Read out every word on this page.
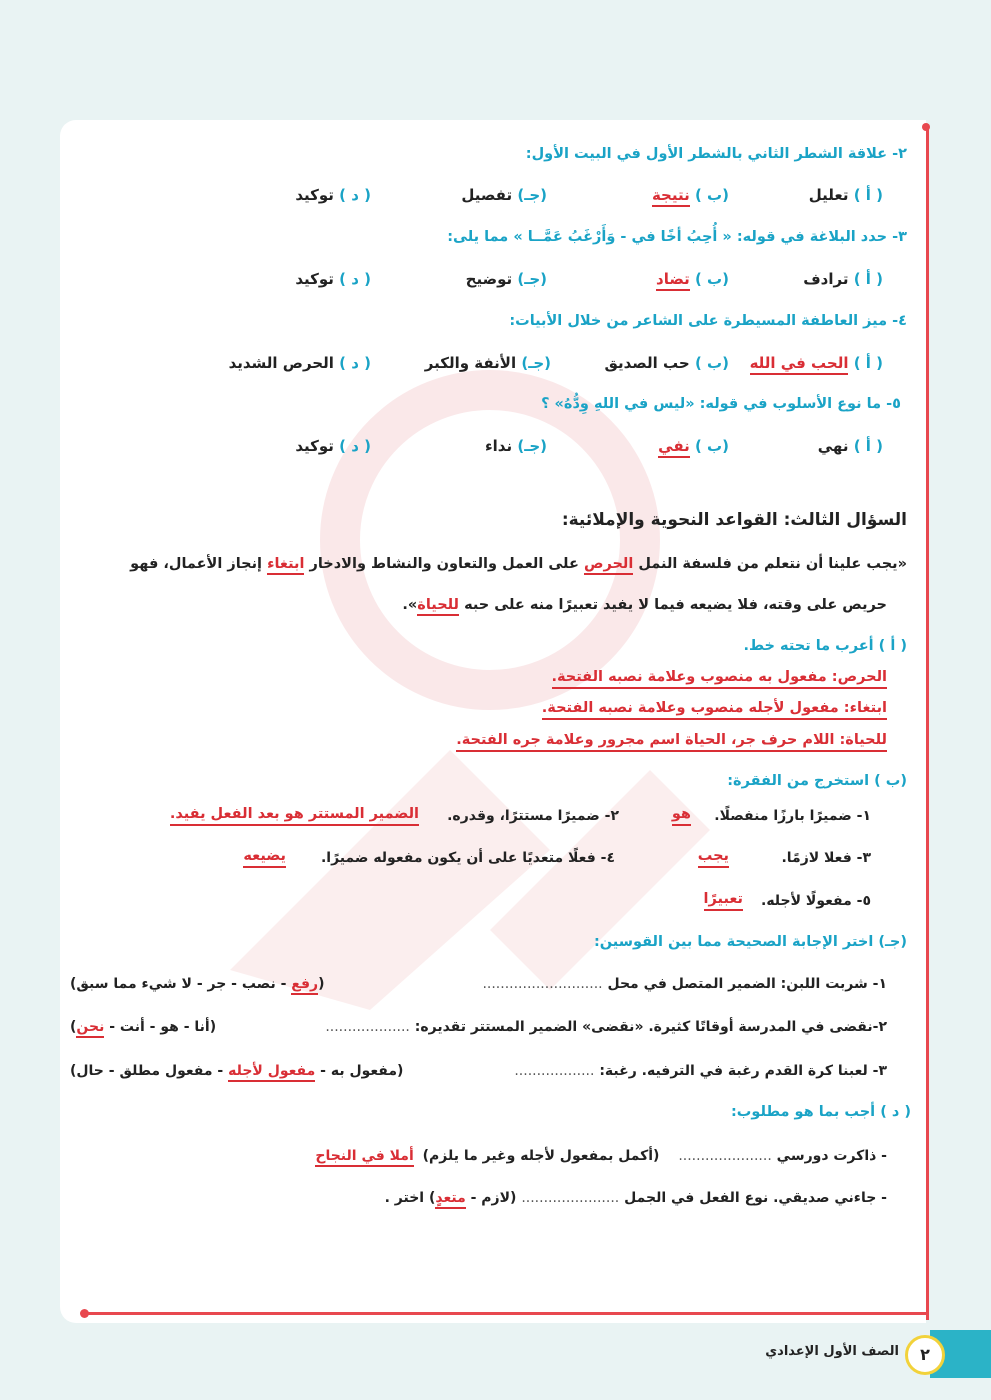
٢- علاقة الشطر الثاني بالشطر الأول في البيت الأول:
( أ ) تعليل
(ب ) نتيجة
(جـ) تفصيل
( د ) توكيد
٣- حدد البلاغة في قوله: « أُحِبُ أخًا في - وَأَرْغَبُ عَمَّــا » مما يلى:
( أ ) ترادف
(ب ) تضاد
(جـ) توضيح
( د ) توكيد
٤- ميز العاطفة المسيطرة على الشاعر من خلال الأبيات:
( أ ) الحب في الله
(ب ) حب الصديق
(جـ) الأنفة والكبر
( د ) الحرص الشديد
٥- ما نوع الأسلوب في قوله: «ليس في اللهِ وِدُّهُ» ؟
( أ ) نهي
(ب ) نفي
(جـ) نداء
( د ) توكيد
السؤال الثالث: القواعد النحوية والإملائية:
«يجب علينا أن نتعلم من فلسفة النمل الحرص على العمل والتعاون والنشاط والادخار ابتغاء إنجاز الأعمال، فهو
حريص على وقته، فلا يضيعه فيما لا يفيد تعبيرًا منه على حبه للحياة».
( أ ) أعرب ما تحته خط.
الحرص: مفعول به منصوب وعلامة نصبه الفتحة.
ابتغاء: مفعول لأجله منصوب وعلامة نصبه الفتحة.
للحياة: اللام حرف جر، الحياة اسم مجرور وعلامة جره الفتحة.
(ب ) استخرج من الفقرة:
١- ضميرًا بارزًا منفصلًا.
هو
٢- ضميرًا مستترًا، وقدره.
الضمير المستتر هو بعد الفعل يفيد.
٣- فعلا لازمًا.
يجب
٤- فعلًا متعديًا على أن يكون مفعوله ضميرًا.
يضيعه
٥- مفعولًا لأجله.
تعبيرًا
(جـ) اختر الإجابة الصحيحة مما بين القوسين:
١- شربت اللبن: الضمير المتصل في محل ...........................
(رفع - نصب - جر - لا شيء مما سبق)
٢-نقضى في المدرسة أوقاتًا كثيرة. «نقضى» الضمير المستتر تقديره: ...................
(أنا - هو - أنت - نحن)
٣- لعبنا كرة القدم رغبة في الترفيه. رغبة: ..................
(مفعول به - مفعول لأجله - مفعول مطلق - حال)
( د ) أجب بما هو مطلوب:
- ذاكرت دورسي ..................... (أكمل بمفعول لأجله وغير ما يلزم) أملا في النجاح
- جاءني صديقي. نوع الفعل في الجمل ...................... (لازم - متعدٍ) اختر .
٢
الصف الأول الإعدادي
